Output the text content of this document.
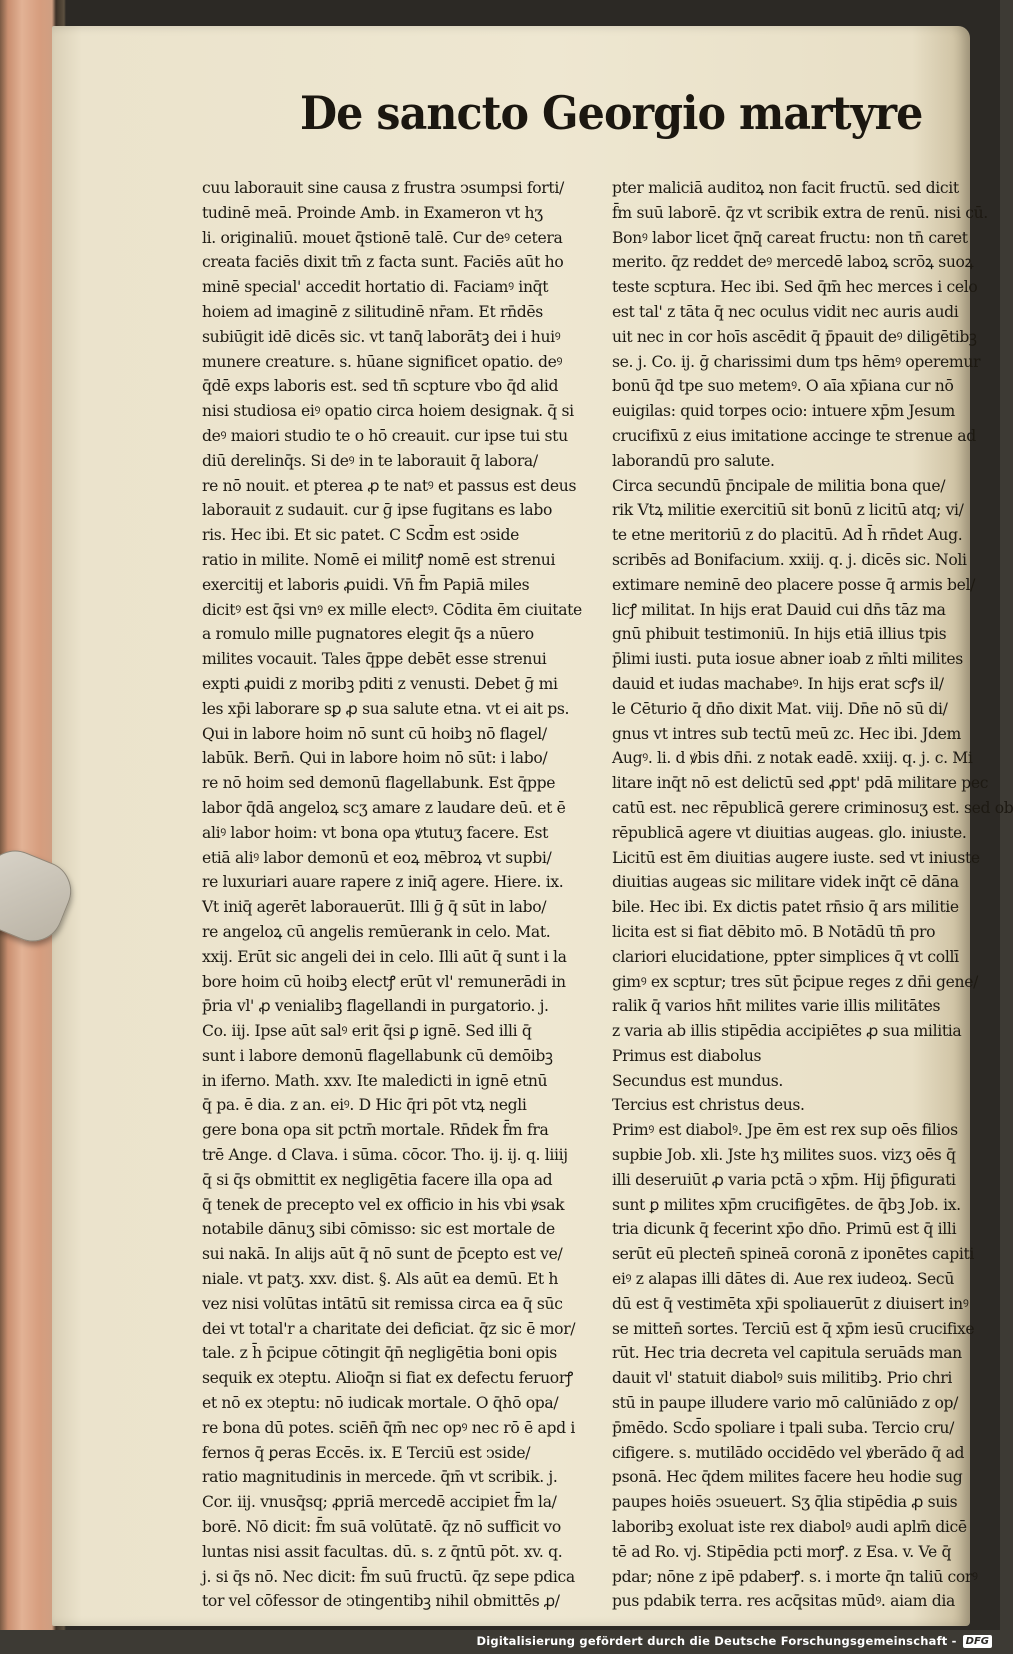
De sancto Georgio martyre
cuu laborauit sine causa z frustra ↄsumpsi forti/
tudinē meā. Proinde Amb. in Exameron vt hʒ
li. originaliū. mouet q̄stionē talē. Cur deꝰ cetera
creata faciēs dixit tm̄ z facta sunt. Faciēs aūt ho
minē special' accedit hortatio di. Faciamꝰ inq̄t
hoiem ad imaginē z silitudinē nr̄am. Et rn̄dēs
subiūgit idē dicēs sic. vt tanq̄ laborātꝫ dei i huiꝰ
munere creature. s. hūane significet opatio. deꝰ
q̄dē exps laboris est. sed tn̄ scpture vbo q̄d alid
nisi studiosa eiꝰ opatio circa hoiem designak. q̄ si
deꝰ maiori studio te o hō creauit. cur ipse tui stu
diū derelinq̄s. Si deꝰ in te laborauit q̄ labora/
re nō nouit. et pterea ꝓ te natꝰ et passus est deus
laborauit z sudauit. cur ḡ ipse fugitans es labo
ris. Hec ibi. Et sic patet. C Scd̄m est ↄside
ratio in milite. Nomē ei militꝭ nomē est strenui
exercitij et laboris ꝓuidi. Vn̄ f̄m Papiā miles
dicitꝰ est q̄si vnꝰ ex mille electꝰ. Cōdita ēm ciuitate
a romulo mille pugnatores elegit q̄s a nūero
milites vocauit. Tales q̄ppe debēt esse strenui
expti ꝓuidi z moribꝫ pditi z venusti. Debet ḡ mi
les xp̄i laborare sꝑ ꝓ sua salute etna. vt ei ait ps.
Qui in labore hoim nō sunt cū hoibꝫ nō flagel/
labūk. Bern̄. Qui in labore hoim nō sūt: i labo/
re nō hoim sed demonū flagellabunk. Est q̄ppe
labor q̄dā angeloꝝ scʒ amare z laudare deū. et ē
aliꝰ labor hoim: vt bona opa ꝟtutuʒ facere. Est
etiā aliꝰ labor demonū et eoꝝ mēbroꝝ vt supbi/
re luxuriari auare rapere z iniq̄ agere. Hiere. ix.
Vt iniq̄ agerēt laborauerūt. Illi ḡ q̄ sūt in labo/
re angeloꝝ cū angelis remūerank in celo. Mat.
xxij. Erūt sic angeli dei in celo. Illi aūt q̄ sunt i la
bore hoim cū hoibꝫ electꝭ erūt vl' remunerādi in
p̄ria vl' ꝓ venialibꝫ flagellandi in purgatorio. j.
Co. iij. Ipse aūt salꝰ erit q̄si ꝑ ignē. Sed illi q̄
sunt i labore demonū flagellabunk cū demōibꝫ
in iferno. Math. xxv. Ite maledicti in ignē etnū
q̄ pa. ē dia. z an. eiꝰ. D Hic q̄ri pōt vtꝝ negli
gere bona opa sit pctm̄ mortale. Rn̄dek f̄m fra
trē Ange. d Clava. i sūma. cōcor. Tho. ij. ij. q. liiij
q̄ si q̄s obmittit ex negligētia facere illa opa ad
q̄ tenek de precepto vel ex officio in his vbi ꝟsak
notabile dānuʒ sibi cōmisso: sic est mortale de
sui nakā. In alijs aūt q̄ nō sunt de p̄cepto est ve/
niale. vt patʒ. xxv. dist. §. Als aūt ea demū. Et h
vez nisi volūtas intātū sit remissa circa ea q̄ sūc
dei vt total'r a charitate dei deficiat. q̄z sic ē mor/
tale. z h̄ p̄cipue cōtingit q̄n̄ negligētia boni opis
sequik ex ↄteptu. Alioq̄n si fiat ex defectu feruorꝭ
et nō ex ↄteptu: nō iudicak mortale. O q̄hō opa/
re bona dū potes. sciēn̄ q̄m̄ nec opꝰ nec rō ē apd i
fernos q̄ ꝑeras Eccēs. ix. E Terciū est ↄside/
ratio magnitudinis in mercede. q̄m̄ vt scribik. j.
Cor. iij. vnusq̄sq; ꝓpriā mercedē accipiet f̄m la/
borē. Nō dicit: f̄m suā volūtatē. q̄z nō sufficit vo
luntas nisi assit facultas. dū. s. z q̄ntū pōt. xv. q.
j. si q̄s nō. Nec dicit: f̄m suū fructū. q̄z sepe pdica
tor vel cōfessor de ↄtingentibꝫ nihil obmittēs ꝓ/
pter maliciā auditoꝝ non facit fructū. sed dicit
f̄m suū laborē. q̄z vt scribik extra de renū. nisi cū.
Bonꝰ labor licet q̄nq̄ careat fructu: non tn̄ caret
merito. q̄z reddet deꝰ mercedē laboꝝ scrōꝝ suoꝝ
teste scptura. Hec ibi. Sed q̄m̄ hec merces i celo
est tal' z tāta q̄ nec oculus vidit nec auris audi
uit nec in cor hoīs ascēdit q̄ p̄pauit deꝰ diligētibꝫ
se. j. Co. ij. ḡ charissimi dum tps hēmꝰ operemur
bonū q̄d tpe suo metemꝰ. O aīa xp̄iana cur nō
euigilas: quid torpes ocio: intuere xp̄m Jesum
crucifixū z eius imitatione accinge te strenue ad
laborandū pro salute.
Circa secundū p̄ncipale de militia bona que/
rik Vtꝝ militie exercitiū sit bonū z licitū atq; vi/
te etne meritoriū z do placitū. Ad h̄ rn̄det Aug.
scribēs ad Bonifacium. xxiij. q. j. dicēs sic. Noli
extimare neminē deo placere posse q̄ armis bel/
licꝭ militat. In hijs erat Dauid cui dn̄s tāz ma
gnū phibuit testimoniū. In hijs etiā illius tpis
p̄limi iusti. puta iosue abner ioab z m̄lti milites
dauid et iudas machabeꝰ. In hijs erat scꝭs il/
le Cēturio q̄ dn̄o dixit Mat. viij. Dn̄e nō sū di/
gnus vt intres sub tectū meū zc. Hec ibi. Jdem
Augꝰ. li. d ꝟbis dn̄i. z notak eadē. xxiij. q. j. c. Mi
litare inq̄t nō est delictū sed ꝓpt' pdā militare pec
catū est. nec rēpublicā gerere criminosuʒ est. sed ob
rēpublicā agere vt diuitias augeas. glo. iniuste.
Licitū est ēm diuitias augere iuste. sed vt iniuste
diuitias augeas sic militare videk inq̄t cē dāna
bile. Hec ibi. Ex dictis patet rn̄sio q̄ ars militie
licita est si fiat dēbito mō. B Notādū tn̄ pro
clariori elucidatione, ppter simplices q̄ vt collī
gimꝰ ex scptur; tres sūt p̄cipue reges z dn̄i gene/
ralik q̄ varios hn̄t milites varie illis militātes
z varia ab illis stipēdia accipiētes ꝓ sua militia
Primus est diabolus
Secundus est mundus.
Tercius est christus deus.
Primꝰ est diabolꝰ. Jpe ēm est rex sup oēs filios
supbie Job. xli. Jste hʒ milites suos. vizʒ oēs q̄
illi deseruiūt ꝓ varia pctā ↄ xp̄m. Hij p̄figurati
sunt ꝑ milites xp̄m crucifigētes. de q̄bꝫ Job. ix.
tria dicunk q̄ fecerint xp̄o dn̄o. Primū est q̄ illi
serūt eū plecten̄ spineā coronā z iponētes capiti
eiꝰ z alapas illi dātes di. Aue rex iudeoꝝ. Secū
dū est q̄ vestimēta xp̄i spoliauerūt z diuisert inꝰ
se mitten̄ sortes. Terciū est q̄ xp̄m iesū crucifixe
rūt. Hec tria decreta vel capitula seruāds man
dauit vl' statuit diabolꝰ suis militibꝫ. Prio chri
stū in paupe illudere vario mō calūniādo z op/
p̄mēdo. Scd̄o spoliare i tpali suba. Tercio cru/
cifigere. s. mutilādo occidēdo vel ꝟberādo q̄ ad
psonā. Hec q̄dem milites facere heu hodie sug
paupes hoiēs ↄsueuert. Sʒ q̄lia stipēdia ꝓ suis
laboribꝫ exoluat iste rex diabolꝰ audi aplm̄ dicē
tē ad Ro. vj. Stipēdia pcti morꝭ. z Esa. v. Ve q̄
pdar; nōne z ipē pdaberꝭ. s. i morte q̄n taliū corꝰ
pus pdabik terra. res acq̄sitas mūdꝰ. aiam dia
Digitalisierung gefördert durch die Deutsche Forschungsgemeinschaft - DFG
